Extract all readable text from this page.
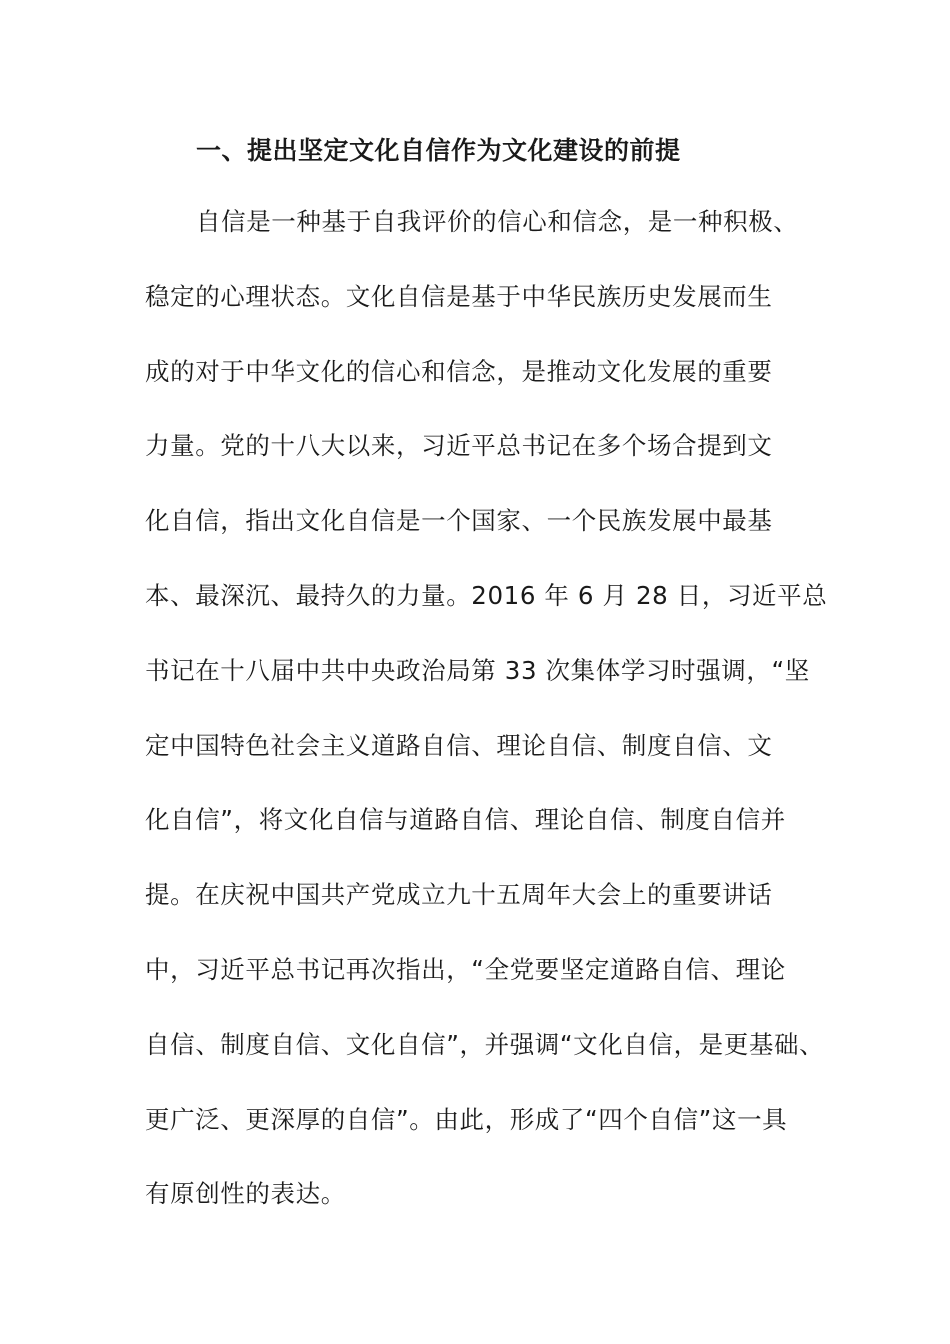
一、提出坚定文化自信作为文化建设的前提
自信是一种基于自我评价的信心和信念，是一种积极、
稳定的心理状态。文化自信是基于中华民族历史发展而生
成的对于中华文化的信心和信念，是推动文化发展的重要
力量。党的十八大以来，习近平总书记在多个场合提到文
化自信，指出文化自信是一个国家、一个民族发展中最基
本、最深沉、最持久的力量。2016 年 6 月 28 日，习近平总
书记在十八届中共中央政治局第 33 次集体学习时强调，“坚
定中国特色社会主义道路自信、理论自信、制度自信、文
化自信”，将文化自信与道路自信、理论自信、制度自信并
提。在庆祝中国共产党成立九十五周年大会上的重要讲话
中，习近平总书记再次指出，“全党要坚定道路自信、理论
自信、制度自信、文化自信”，并强调“文化自信，是更基础、
更广泛、更深厚的自信”。由此，形成了“四个自信”这一具
有原创性的表达。
